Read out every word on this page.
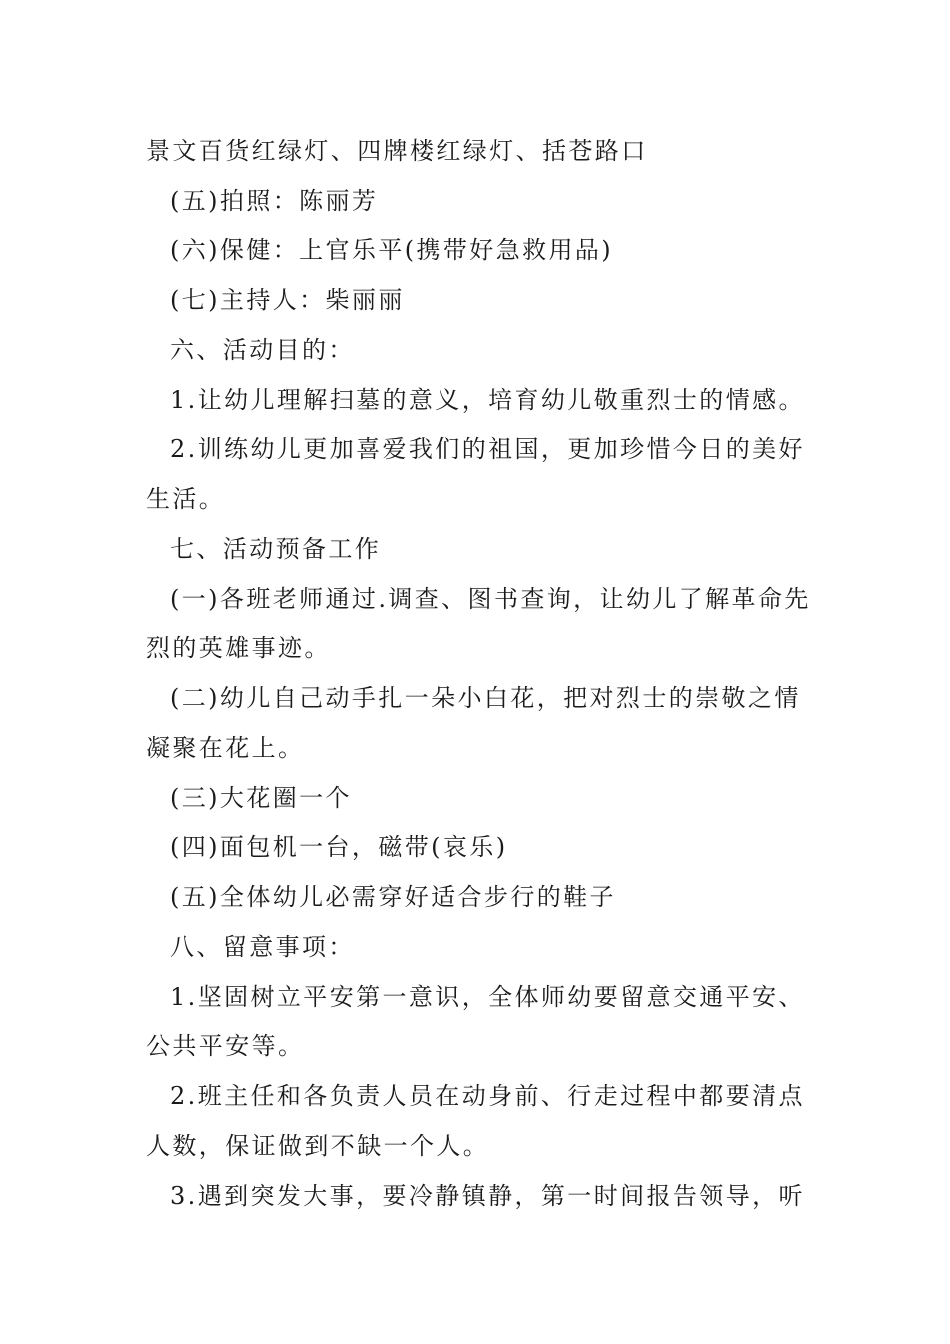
景文百货红绿灯、四牌楼红绿灯、括苍路口
(五)拍照：陈丽芳
(六)保健：上官乐平(携带好急救用品)
(七)主持人：柴丽丽
六、活动目的：
1.让幼儿理解扫墓的意义，培育幼儿敬重烈士的情感。
2.训练幼儿更加喜爱我们的祖国，更加珍惜今日的美好
生活。
七、活动预备工作
(一)各班老师通过.调查、图书查询，让幼儿了解革命先
烈的英雄事迹。
(二)幼儿自己动手扎一朵小白花，把对烈士的崇敬之情
凝聚在花上。
(三)大花圈一个
(四)面包机一台，磁带(哀乐)
(五)全体幼儿必需穿好适合步行的鞋子
八、留意事项：
1.坚固树立平安第一意识，全体师幼要留意交通平安、
公共平安等。
2.班主任和各负责人员在动身前、行走过程中都要清点
人数，保证做到不缺一个人。
3.遇到突发大事，要冷静镇静，第一时间报告领导，听
